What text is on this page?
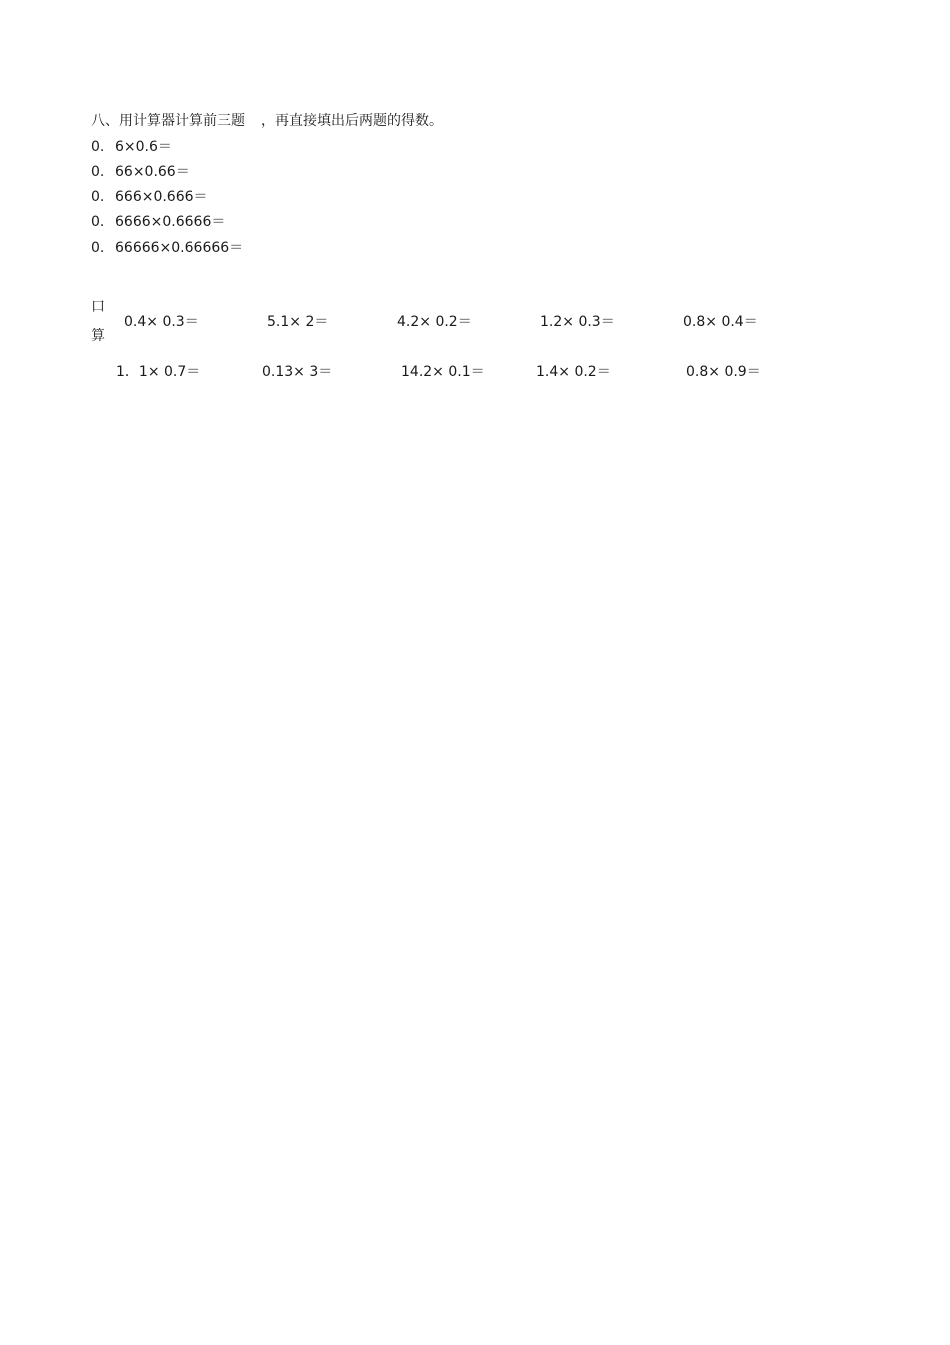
八、用计算器计算前三题 ，再直接填出后两题的得数。
0. 6×0.6＝
0. 66×0.66＝
0. 666×0.666＝
0. 6666×0.6666＝
0. 66666×0.66666＝
口
算
0.4× 0.3＝	5.1× 2＝	4.2× 0.2＝	1.2× 0.3＝	0.8× 0.4＝
1．1× 0.7＝	0.13× 3＝	14.2× 0.1＝	1.4× 0.2＝	0.8× 0.9＝
